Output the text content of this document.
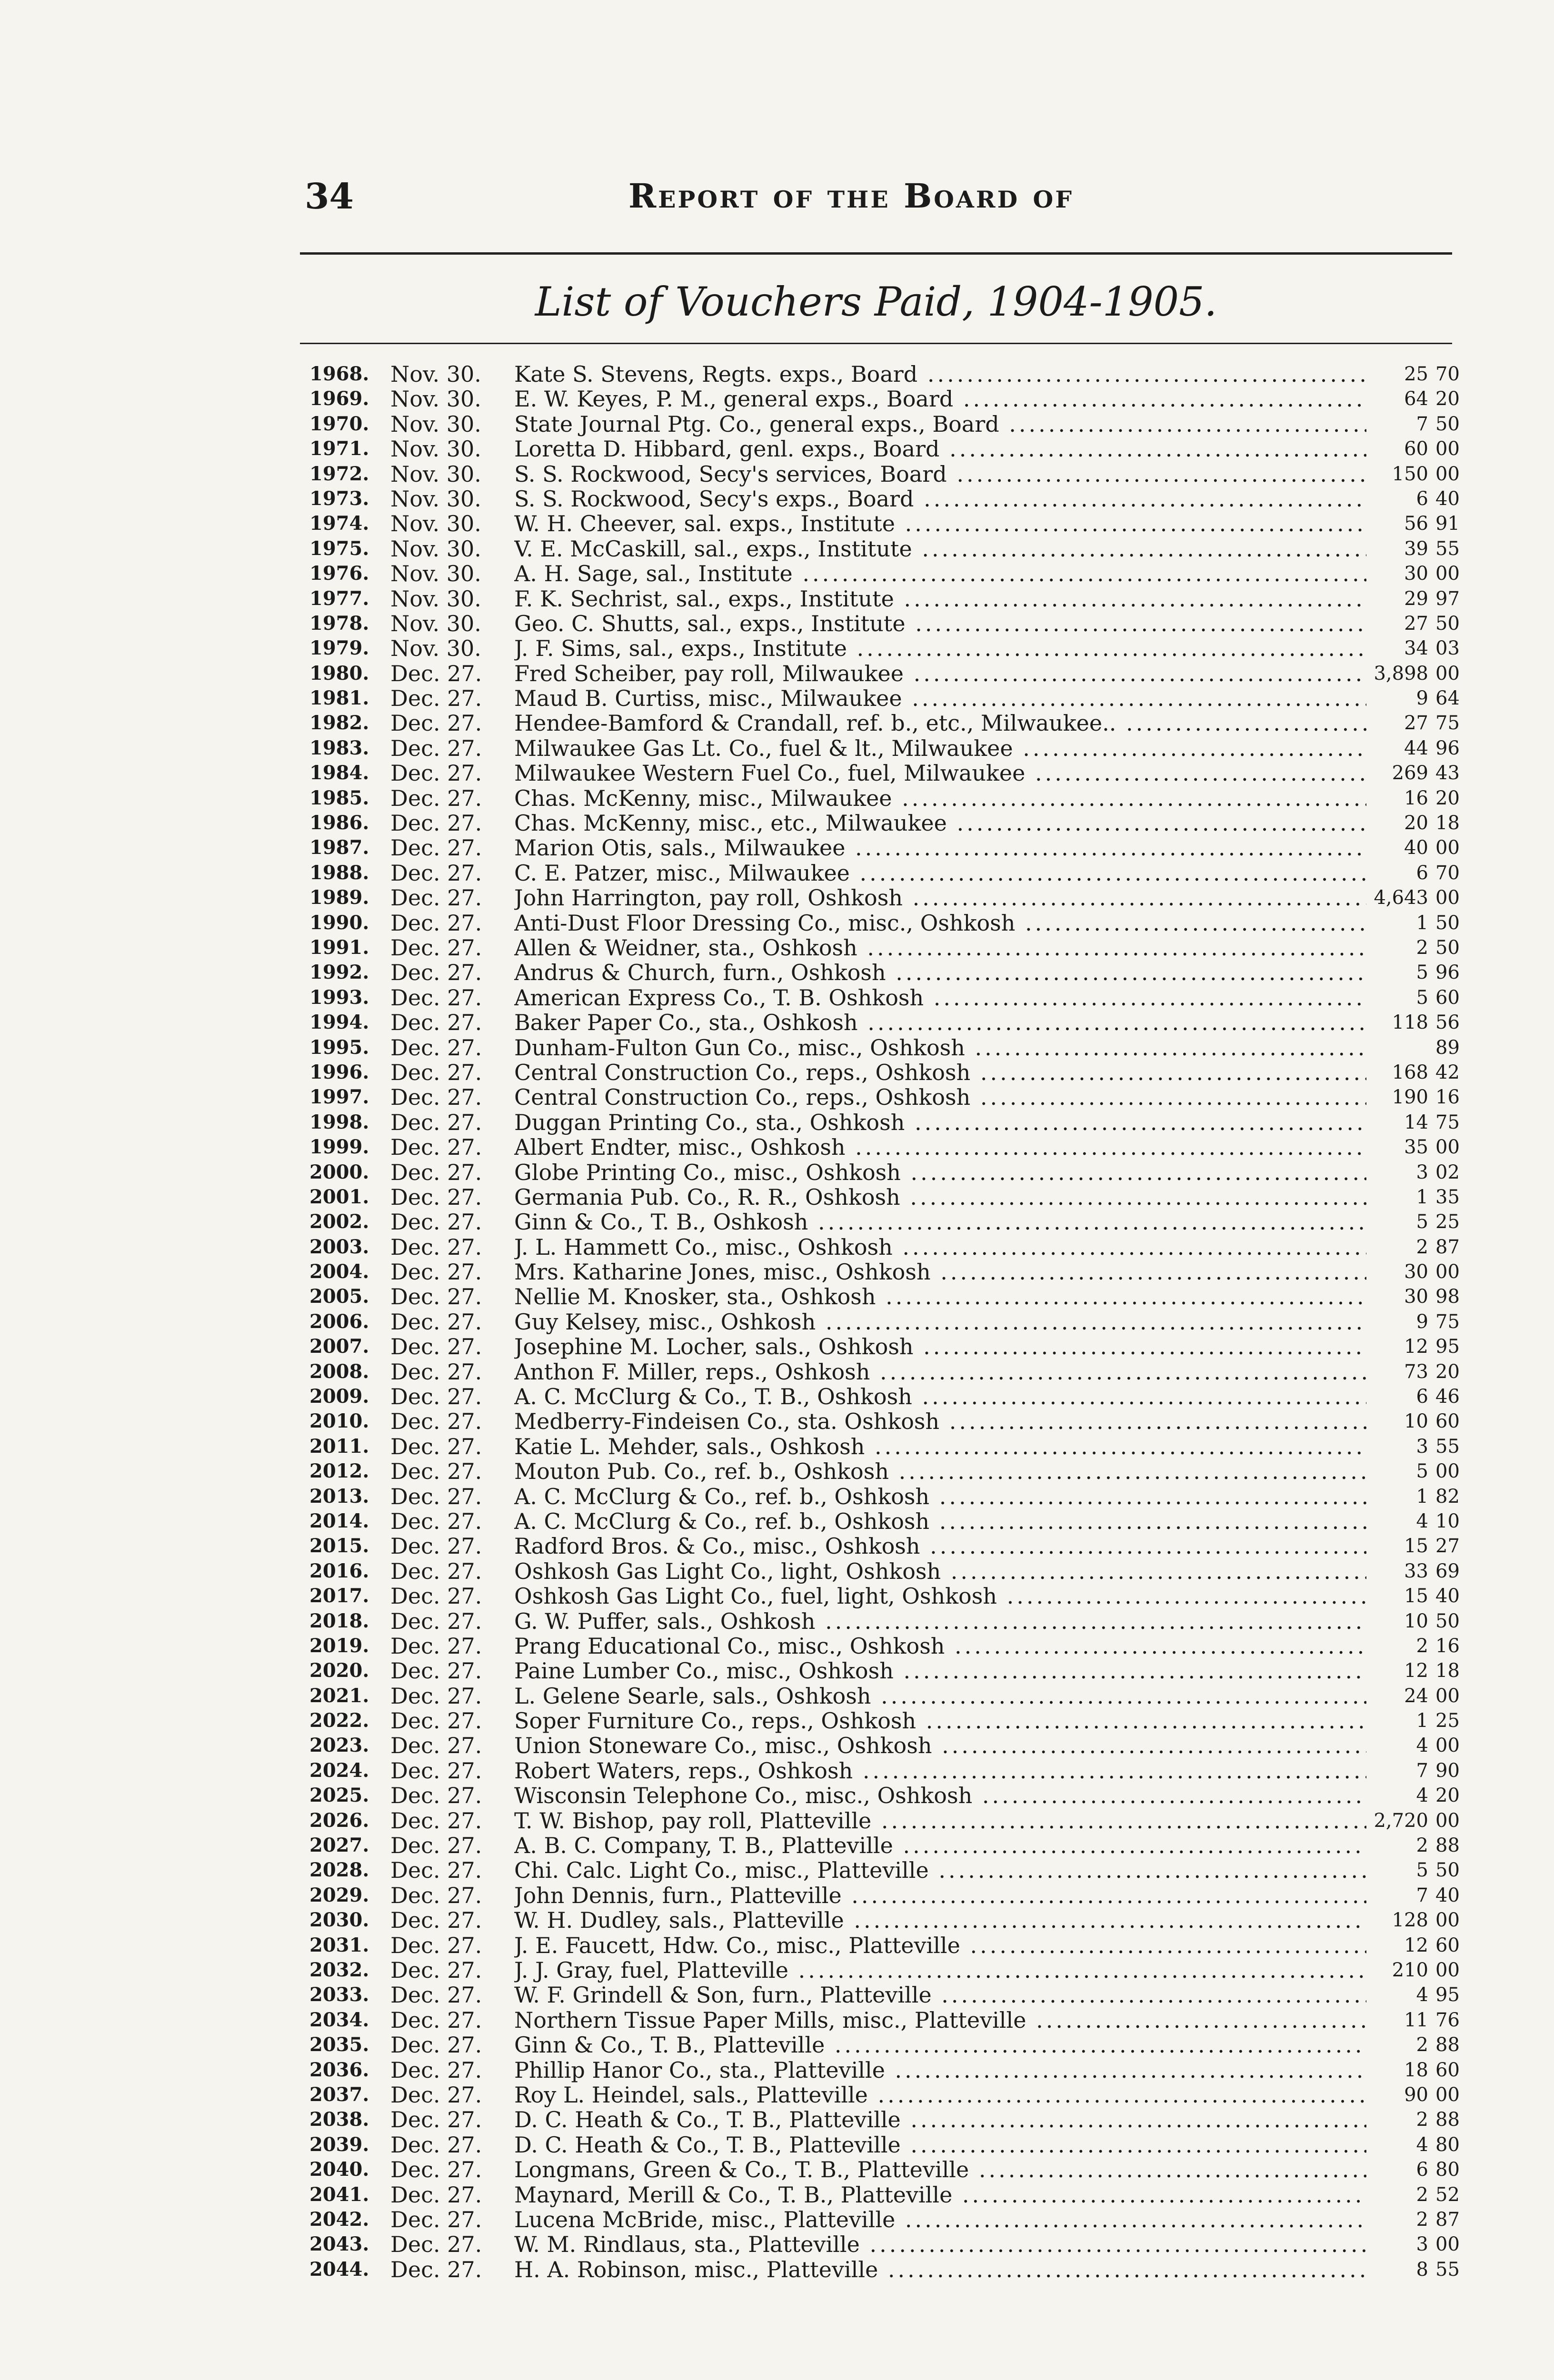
34	Report of the Board of
List of Vouchers Paid, 1904-1905.
1968. Nov. 30.	Kate S. Stevens, Regts. exps., Board .....	25 70
1969. Nov. 30.	E. W. Keyes, P. M., general exps., Board .....	64 20
1970. Nov. 30.	State Journal Ptg. Co., general exps., Board .....	7 50
1971. Nov. 30.	Loretta D. Hibbard, genl. exps., Board .....	60 00
1972. Nov. 30.	S. S. Rockwood, Secy's services, Board .....	150 00
1973. Nov. 30.	S. S. Rockwood, Secy's exps., Board .....	6 40
1974. Nov. 30.	W. H. Cheever, sal. exps., Institute .....	56 91
1975. Nov. 30.	V. E. McCaskill, sal., exps., Institute .....	39 55
1976. Nov. 30.	A. H. Sage, sal., Institute .....	30 00
1977. Nov. 30.	F. K. Sechrist, sal., exps., Institute .....	29 97
1978. Nov. 30.	Geo. C. Shutts, sal., exps., Institute .....	27 50
1979. Nov. 30.	J. F. Sims, sal., exps., Institute .....	34 03
1980. Dec. 27.	Fred Scheiber, pay roll, Milwaukee .....	3,898 00
1981. Dec. 27.	Maud B. Curtiss, misc., Milwaukee .....	9 64
1982. Dec. 27.	Hendee-Bamford & Crandall, ref. b., etc., Milwaukee.. .....	27 75
1983. Dec. 27.	Milwaukee Gas Lt. Co., fuel & lt., Milwaukee .....	44 96
1984. Dec. 27.	Milwaukee Western Fuel Co., fuel, Milwaukee .....	269 43
1985. Dec. 27.	Chas. McKenny, misc., Milwaukee .....	16 20
1986. Dec. 27.	Chas. McKenny, misc., etc., Milwaukee .....	20 18
1987. Dec. 27.	Marion Otis, sals., Milwaukee .....	40 00
1988. Dec. 27.	C. E. Patzer, misc., Milwaukee .....	6 70
1989. Dec. 27.	John Harrington, pay roll, Oshkosh .....	4,643 00
1990. Dec. 27.	Anti-Dust Floor Dressing Co., misc., Oshkosh .....	1 50
1991. Dec. 27.	Allen & Weidner, sta., Oshkosh .....	2 50
1992. Dec. 27.	Andrus & Church, furn., Oshkosh .....	5 96
1993. Dec. 27.	American Express Co., T. B. Oshkosh .....	5 60
1994. Dec. 27.	Baker Paper Co., sta., Oshkosh .....	118 56
1995. Dec. 27.	Dunham-Fulton Gun Co., misc., Oshkosh .....	89
1996. Dec. 27.	Central Construction Co., reps., Oshkosh .....	168 42
1997. Dec. 27.	Central Construction Co., reps., Oshkosh .....	190 16
1998. Dec. 27.	Duggan Printing Co., sta., Oshkosh .....	14 75
1999. Dec. 27.	Albert Endter, misc., Oshkosh .....	35 00
2000. Dec. 27.	Globe Printing Co., misc., Oshkosh .....	3 02
2001. Dec. 27.	Germania Pub. Co., R. R., Oshkosh .....	1 35
2002. Dec. 27.	Ginn & Co., T. B., Oshkosh .....	5 25
2003. Dec. 27.	J. L. Hammett Co., misc., Oshkosh .....	2 87
2004. Dec. 27.	Mrs. Katharine Jones, misc., Oshkosh .....	30 00
2005. Dec. 27.	Nellie M. Knosker, sta., Oshkosh .....	30 98
2006. Dec. 27.	Guy Kelsey, misc., Oshkosh .....	9 75
2007. Dec. 27.	Josephine M. Locher, sals., Oshkosh .....	12 95
2008. Dec. 27.	Anthon F. Miller, reps., Oshkosh .....	73 20
2009. Dec. 27.	A. C. McClurg & Co., T. B., Oshkosh .....	6 46
2010. Dec. 27.	Medberry-Findeisen Co., sta. Oshkosh .....	10 60
2011. Dec. 27.	Katie L. Mehder, sals., Oshkosh .....	3 55
2012. Dec. 27.	Mouton Pub. Co., ref. b., Oshkosh .....	5 00
2013. Dec. 27.	A. C. McClurg & Co., ref. b., Oshkosh .....	1 82
2014. Dec. 27.	A. C. McClurg & Co., ref. b., Oshkosh .....	4 10
2015. Dec. 27.	Radford Bros. & Co., misc., Oshkosh .....	15 27
2016. Dec. 27.	Oshkosh Gas Light Co., light, Oshkosh .....	33 69
2017. Dec. 27.	Oshkosh Gas Light Co., fuel, light, Oshkosh .....	15 40
2018. Dec. 27.	G. W. Puffer, sals., Oshkosh .....	10 50
2019. Dec. 27.	Prang Educational Co., misc., Oshkosh .....	2 16
2020. Dec. 27.	Paine Lumber Co., misc., Oshkosh .....	12 18
2021. Dec. 27.	L. Gelene Searle, sals., Oshkosh .....	24 00
2022. Dec. 27.	Soper Furniture Co., reps., Oshkosh .....	1 25
2023. Dec. 27.	Union Stoneware Co., misc., Oshkosh .....	4 00
2024. Dec. 27.	Robert Waters, reps., Oshkosh .....	7 90
2025. Dec. 27.	Wisconsin Telephone Co., misc., Oshkosh .....	4 20
2026. Dec. 27.	T. W. Bishop, pay roll, Platteville .....	2,720 00
2027. Dec. 27.	A. B. C. Company, T. B., Platteville .....	2 88
2028. Dec. 27.	Chi. Calc. Light Co., misc., Platteville .....	5 50
2029. Dec. 27.	John Dennis, furn., Platteville .....	7 40
2030. Dec. 27.	W. H. Dudley, sals., Platteville .....	128 00
2031. Dec. 27.	J. E. Faucett, Hdw. Co., misc., Platteville .....	12 60
2032. Dec. 27.	J. J. Gray, fuel, Platteville .....	210 00
2033. Dec. 27.	W. F. Grindell & Son, furn., Platteville .....	4 95
2034. Dec. 27.	Northern Tissue Paper Mills, misc., Platteville .....	11 76
2035. Dec. 27.	Ginn & Co., T. B., Platteville .....	2 88
2036. Dec. 27.	Phillip Hanor Co., sta., Platteville .....	18 60
2037. Dec. 27.	Roy L. Heindel, sals., Platteville .....	90 00
2038. Dec. 27.	D. C. Heath & Co., T. B., Platteville .....	2 88
2039. Dec. 27.	D. C. Heath & Co., T. B., Platteville .....	4 80
2040. Dec. 27.	Longmans, Green & Co., T. B., Platteville .....	6 80
2041. Dec. 27.	Maynard, Merill & Co., T. B., Platteville .....	2 52
2042. Dec. 27.	Lucena McBride, misc., Platteville .....	2 87
2043. Dec. 27.	W. M. Rindlaus, sta., Platteville .....	3 00
2044. Dec. 27.	H. A. Robinson, misc., Platteville .....	8 55
